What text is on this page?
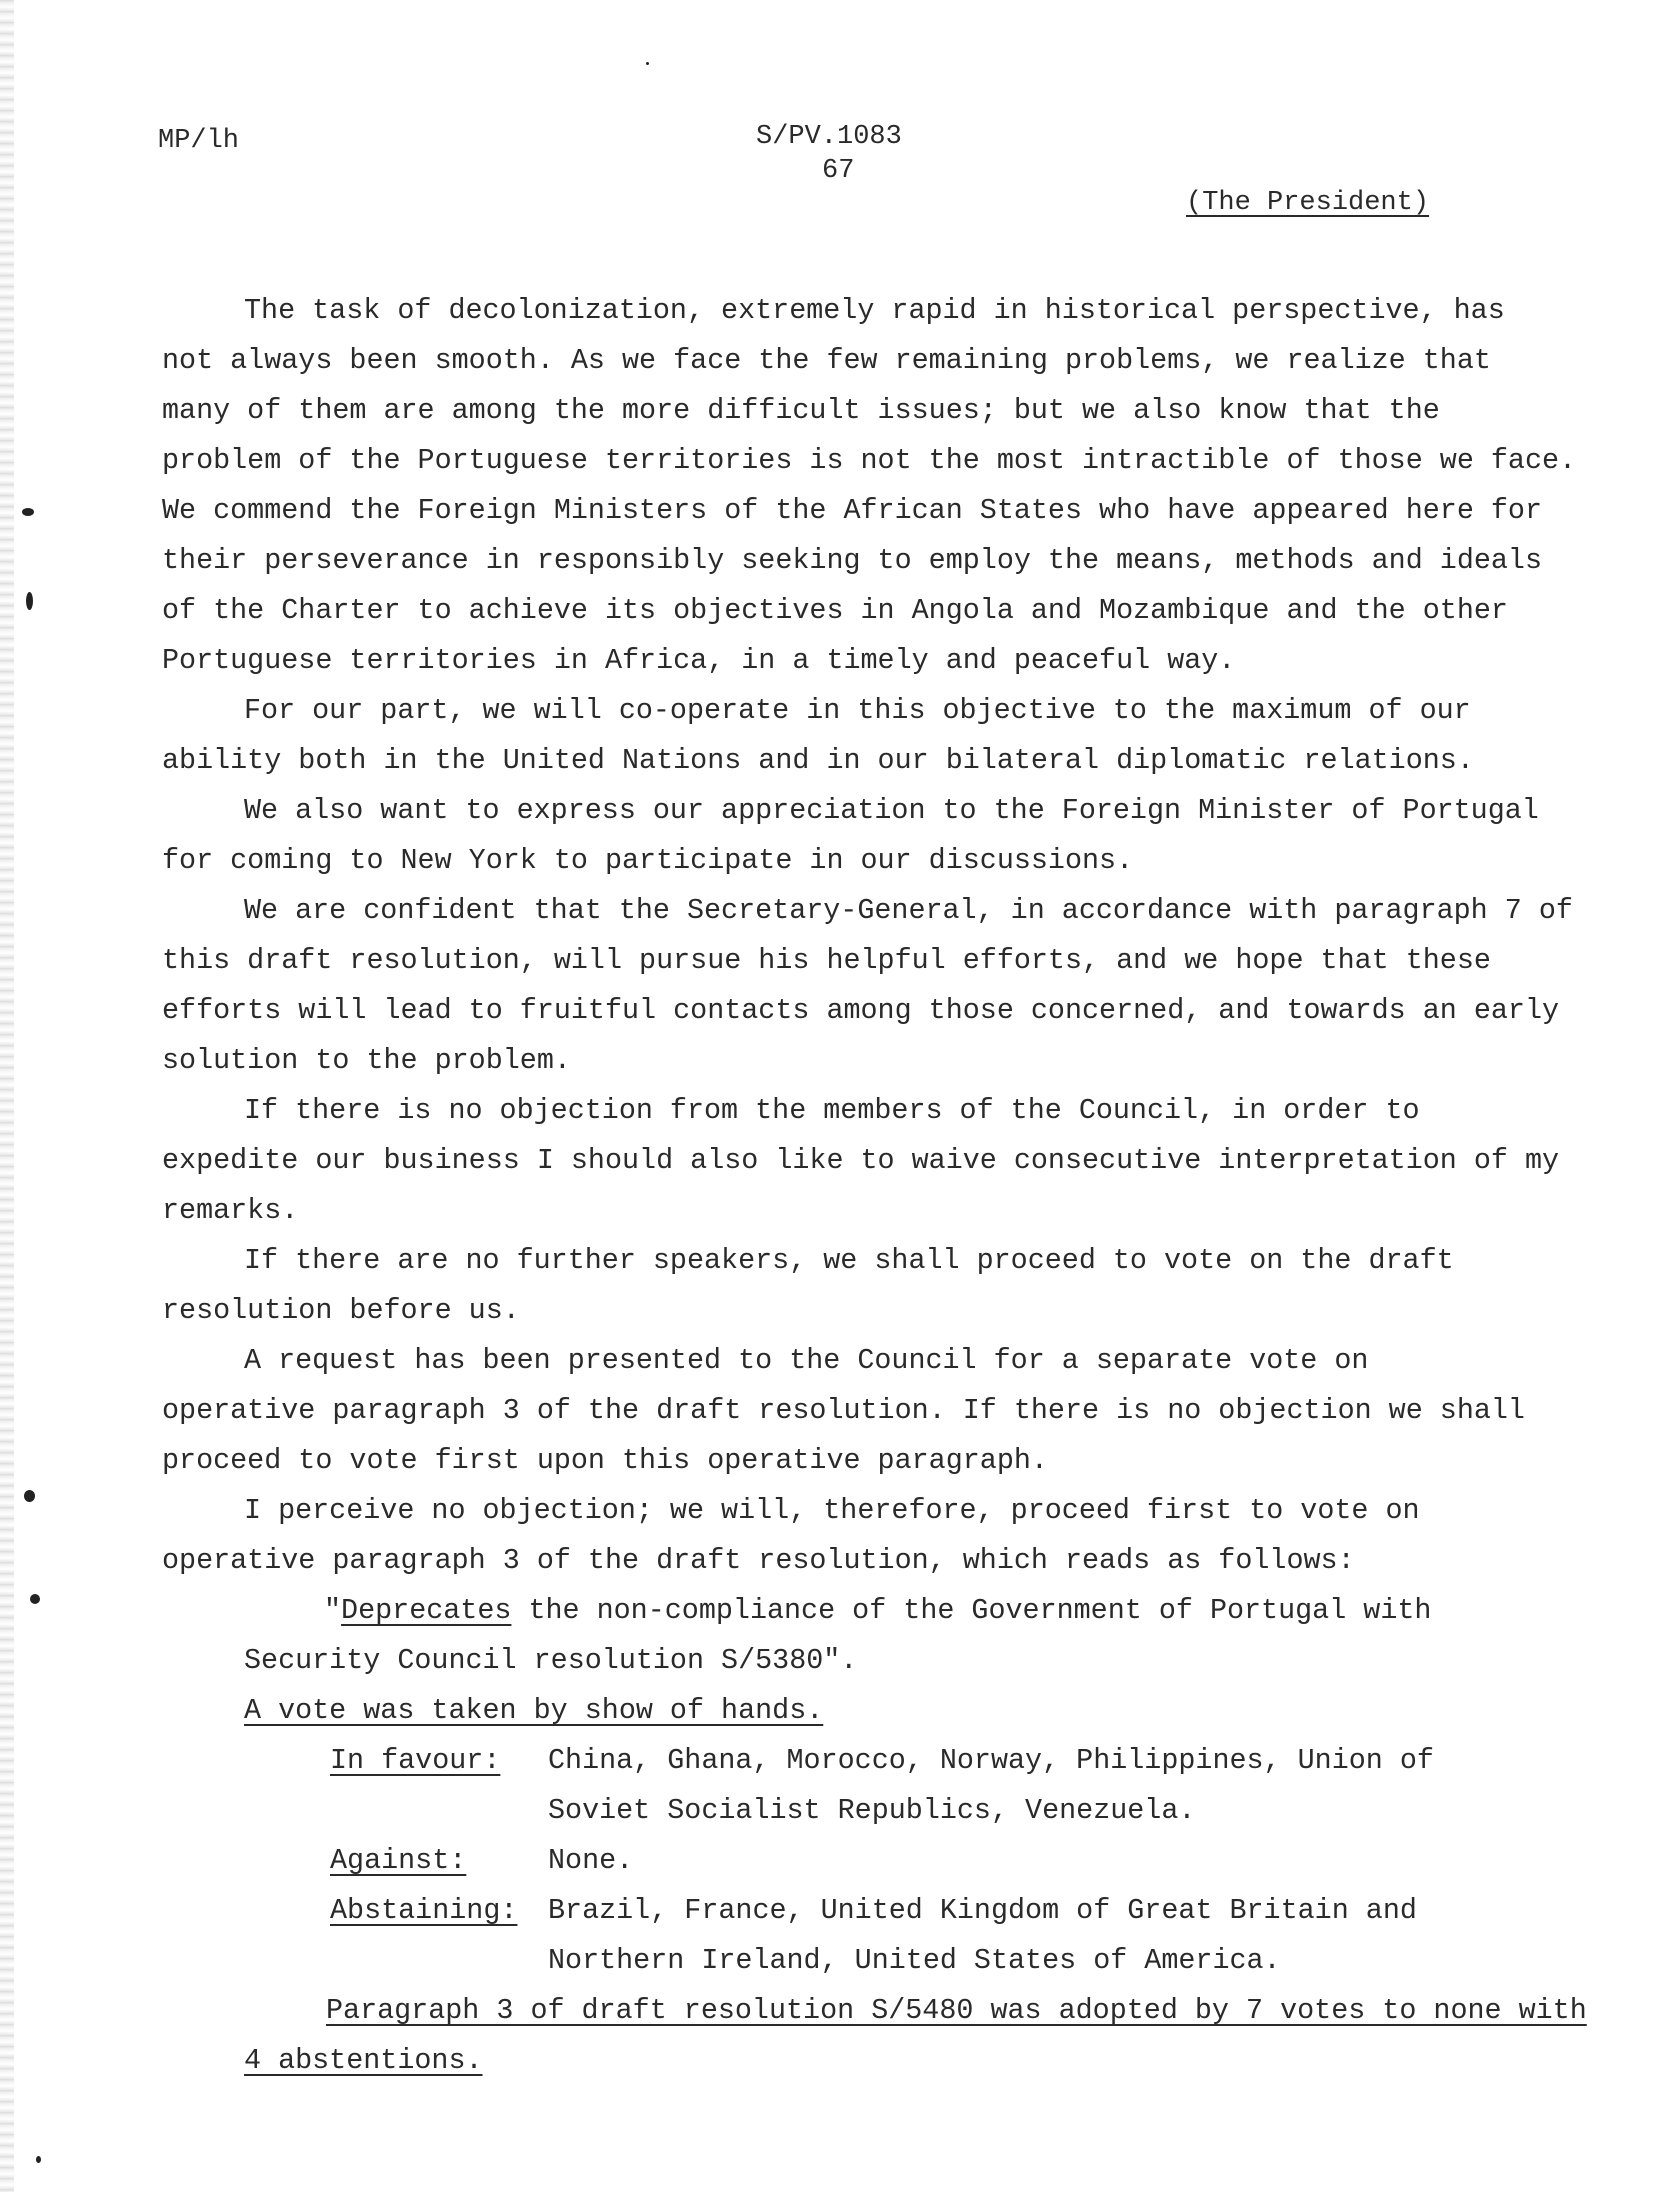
MP/lh	S/PV.1083
67
(The President)

The task of decolonization, extremely rapid in historical perspective, has
not always been smooth. As we face the few remaining problems, we realize that
many of them are among the more difficult issues; but we also know that the
problem of the Portuguese territories is not the most intractible of those we face.
We commend the Foreign Ministers of the African States who have appeared here for
their perseverance in responsibly seeking to employ the means, methods and ideals
of the Charter to achieve its objectives in Angola and Mozambique and the other
Portuguese territories in Africa, in a timely and peaceful way.

For our part, we will co-operate in this objective to the maximum of our
ability both in the United Nations and in our bilateral diplomatic relations.

We also want to express our appreciation to the Foreign Minister of Portugal
for coming to New York to participate in our discussions.

We are confident that the Secretary-General, in accordance with paragraph 7 of
this draft resolution, will pursue his helpful efforts, and we hope that these
efforts will lead to fruitful contacts among those concerned, and towards an early
solution to the problem.

If there is no objection from the members of the Council, in order to
expedite our business I should also like to waive consecutive interpretation of my
remarks.

If there are no further speakers, we shall proceed to vote on the draft
resolution before us.

A request has been presented to the Council for a separate vote on
operative paragraph 3 of the draft resolution. If there is no objection we shall
proceed to vote first upon this operative paragraph.

I perceive no objection; we will, therefore, proceed first to vote on
operative paragraph 3 of the draft resolution, which reads as follows:

"Deprecates the non-compliance of the Government of Portugal with
Security Council resolution S/5380".
A vote was taken by show of hands.
In favour:	China, Ghana, Morocco, Norway, Philippines, Union of
Soviet Socialist Republics, Venezuela.
Against:	None.
Abstaining:	Brazil, France, United Kingdom of Great Britain and
Northern Ireland, United States of America.

Paragraph 3 of draft resolution S/5480 was adopted by 7 votes to none with

4 abstentions.
